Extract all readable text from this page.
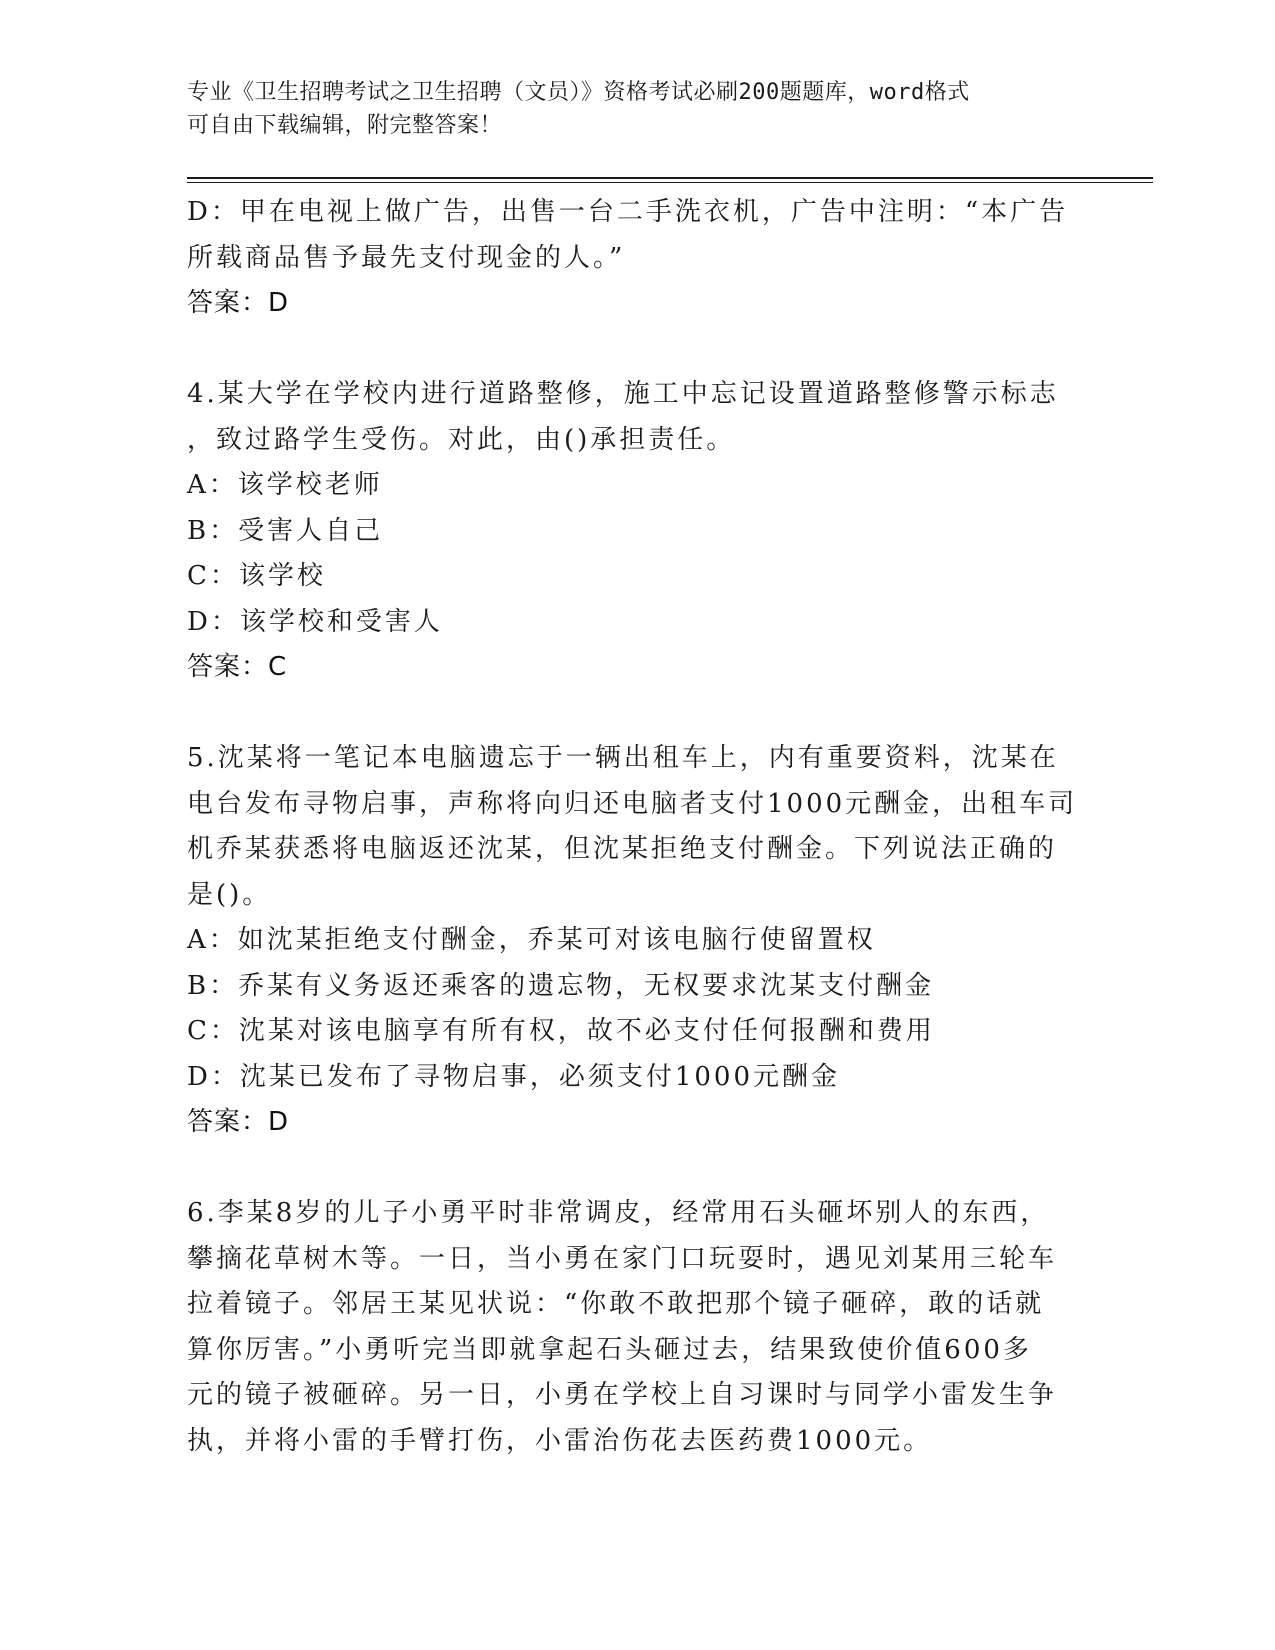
专业《卫生招聘考试之卫生招聘（文员）》资格考试必刷200题题库，word格式
可自由下载编辑，附完整答案！
D：甲在电视上做广告，出售一台二手洗衣机，广告中注明：“本广告
所载商品售予最先支付现金的人。”
答案：D
4.某大学在学校内进行道路整修，施工中忘记设置道路整修警示标志
，致过路学生受伤。对此，由()承担责任。
A：该学校老师
B：受害人自己
C：该学校
D：该学校和受害人
答案：C
5.沈某将一笔记本电脑遗忘于一辆出租车上，内有重要资料，沈某在
电台发布寻物启事，声称将向归还电脑者支付1000元酬金，出租车司
机乔某获悉将电脑返还沈某，但沈某拒绝支付酬金。下列说法正确的
是()。
A：如沈某拒绝支付酬金，乔某可对该电脑行使留置权
B：乔某有义务返还乘客的遗忘物，无权要求沈某支付酬金
C：沈某对该电脑享有所有权，故不必支付任何报酬和费用
D：沈某已发布了寻物启事，必须支付1000元酬金
答案：D
6.李某8岁的儿子小勇平时非常调皮，经常用石头砸坏别人的东西，
攀摘花草树木等。一日，当小勇在家门口玩耍时，遇见刘某用三轮车
拉着镜子。邻居王某见状说：“你敢不敢把那个镜子砸碎，敢的话就
算你厉害。”小勇听完当即就拿起石头砸过去，结果致使价值600多
元的镜子被砸碎。另一日，小勇在学校上自习课时与同学小雷发生争
执，并将小雷的手臂打伤，小雷治伤花去医药费1000元。
